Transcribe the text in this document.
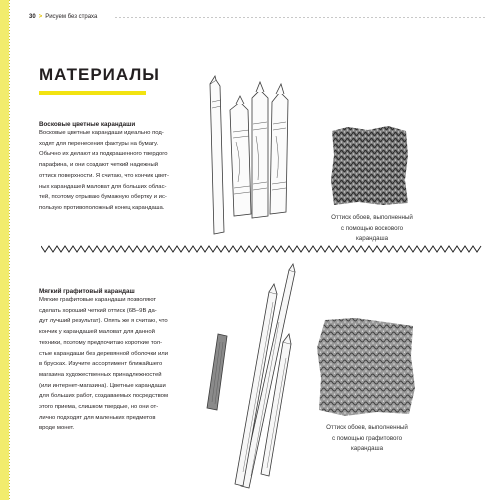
30 > Рисуем без страха
МАТЕРИАЛЫ
Восковые цветные карандаши
Восковые цветные карандаши идеально под-
ходят для перенесения фактуры на бумагу.
Обычно их делают из подкрашенного твердого
парафина, и они создают четкий надежный
оттиск поверхности. Я считаю, что кончик цвет-
ных карандашей маловат для больших облас-
тей, поэтому отрываю бумажную обертку и ис-
пользую противоположный конец карандаша.
Оттиск обоев, выполненный
с помощью воскового
карандаша
Мягкий графитовый карандаш
Мягкие графитовые карандаши позволяют
сделать хороший четкий оттиск (6B–9B да-
дут лучший результат). Опять же я считаю, что
кончик у карандашей маловат для данной
техники, поэтому предпочитаю короткие тол-
стые карандаши без деревянной оболочки или
в брусках. Изучите ассортимент ближайшего
магазина художественных принадлежностей
(или интернет-магазина). Цветные карандаши
для больших работ, создаваемых посредством
этого приема, слишком твердые, но они от-
лично подходят для маленьких предметов
вроде монет.	Оттиск обоев, выполненный
с помощью графитового
карандаша
